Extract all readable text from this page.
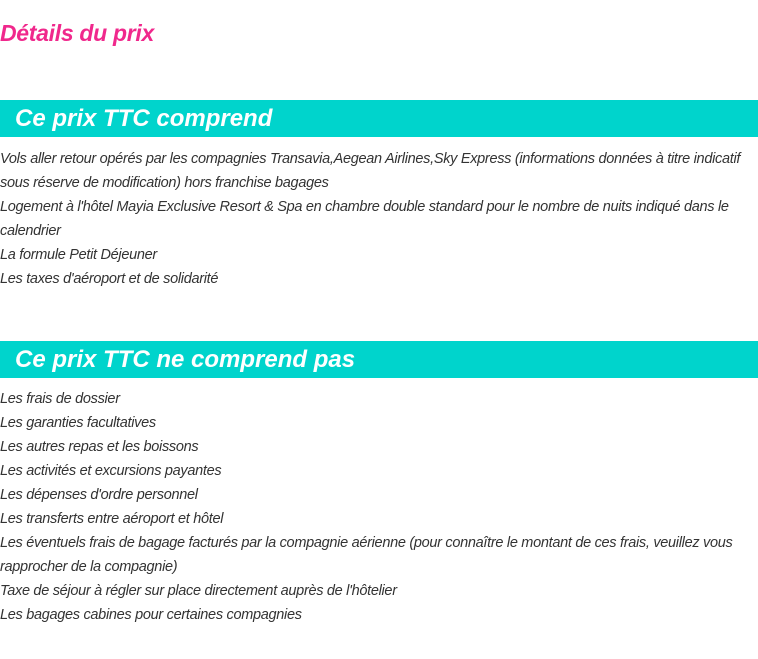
Détails du prix
Ce prix TTC comprend
Vols aller retour opérés par les compagnies Transavia,Aegean Airlines,Sky Express (informations données à titre indicatif sous réserve de modification) hors franchise bagages
Logement à l'hôtel Mayia Exclusive Resort & Spa en chambre double standard pour le nombre de nuits indiqué dans le calendrier
La formule Petit Déjeuner
Les taxes d'aéroport et de solidarité
Ce prix TTC ne comprend pas
Les frais de dossier
Les garanties facultatives
Les autres repas et les boissons
Les activités et excursions payantes
Les dépenses d'ordre personnel
Les transferts entre aéroport et hôtel
Les éventuels frais de bagage facturés par la compagnie aérienne (pour connaître le montant de ces frais, veuillez vous rapprocher de la compagnie)
Taxe de séjour à régler sur place directement auprès de l'hôtelier
Les bagages cabines pour certaines compagnies
